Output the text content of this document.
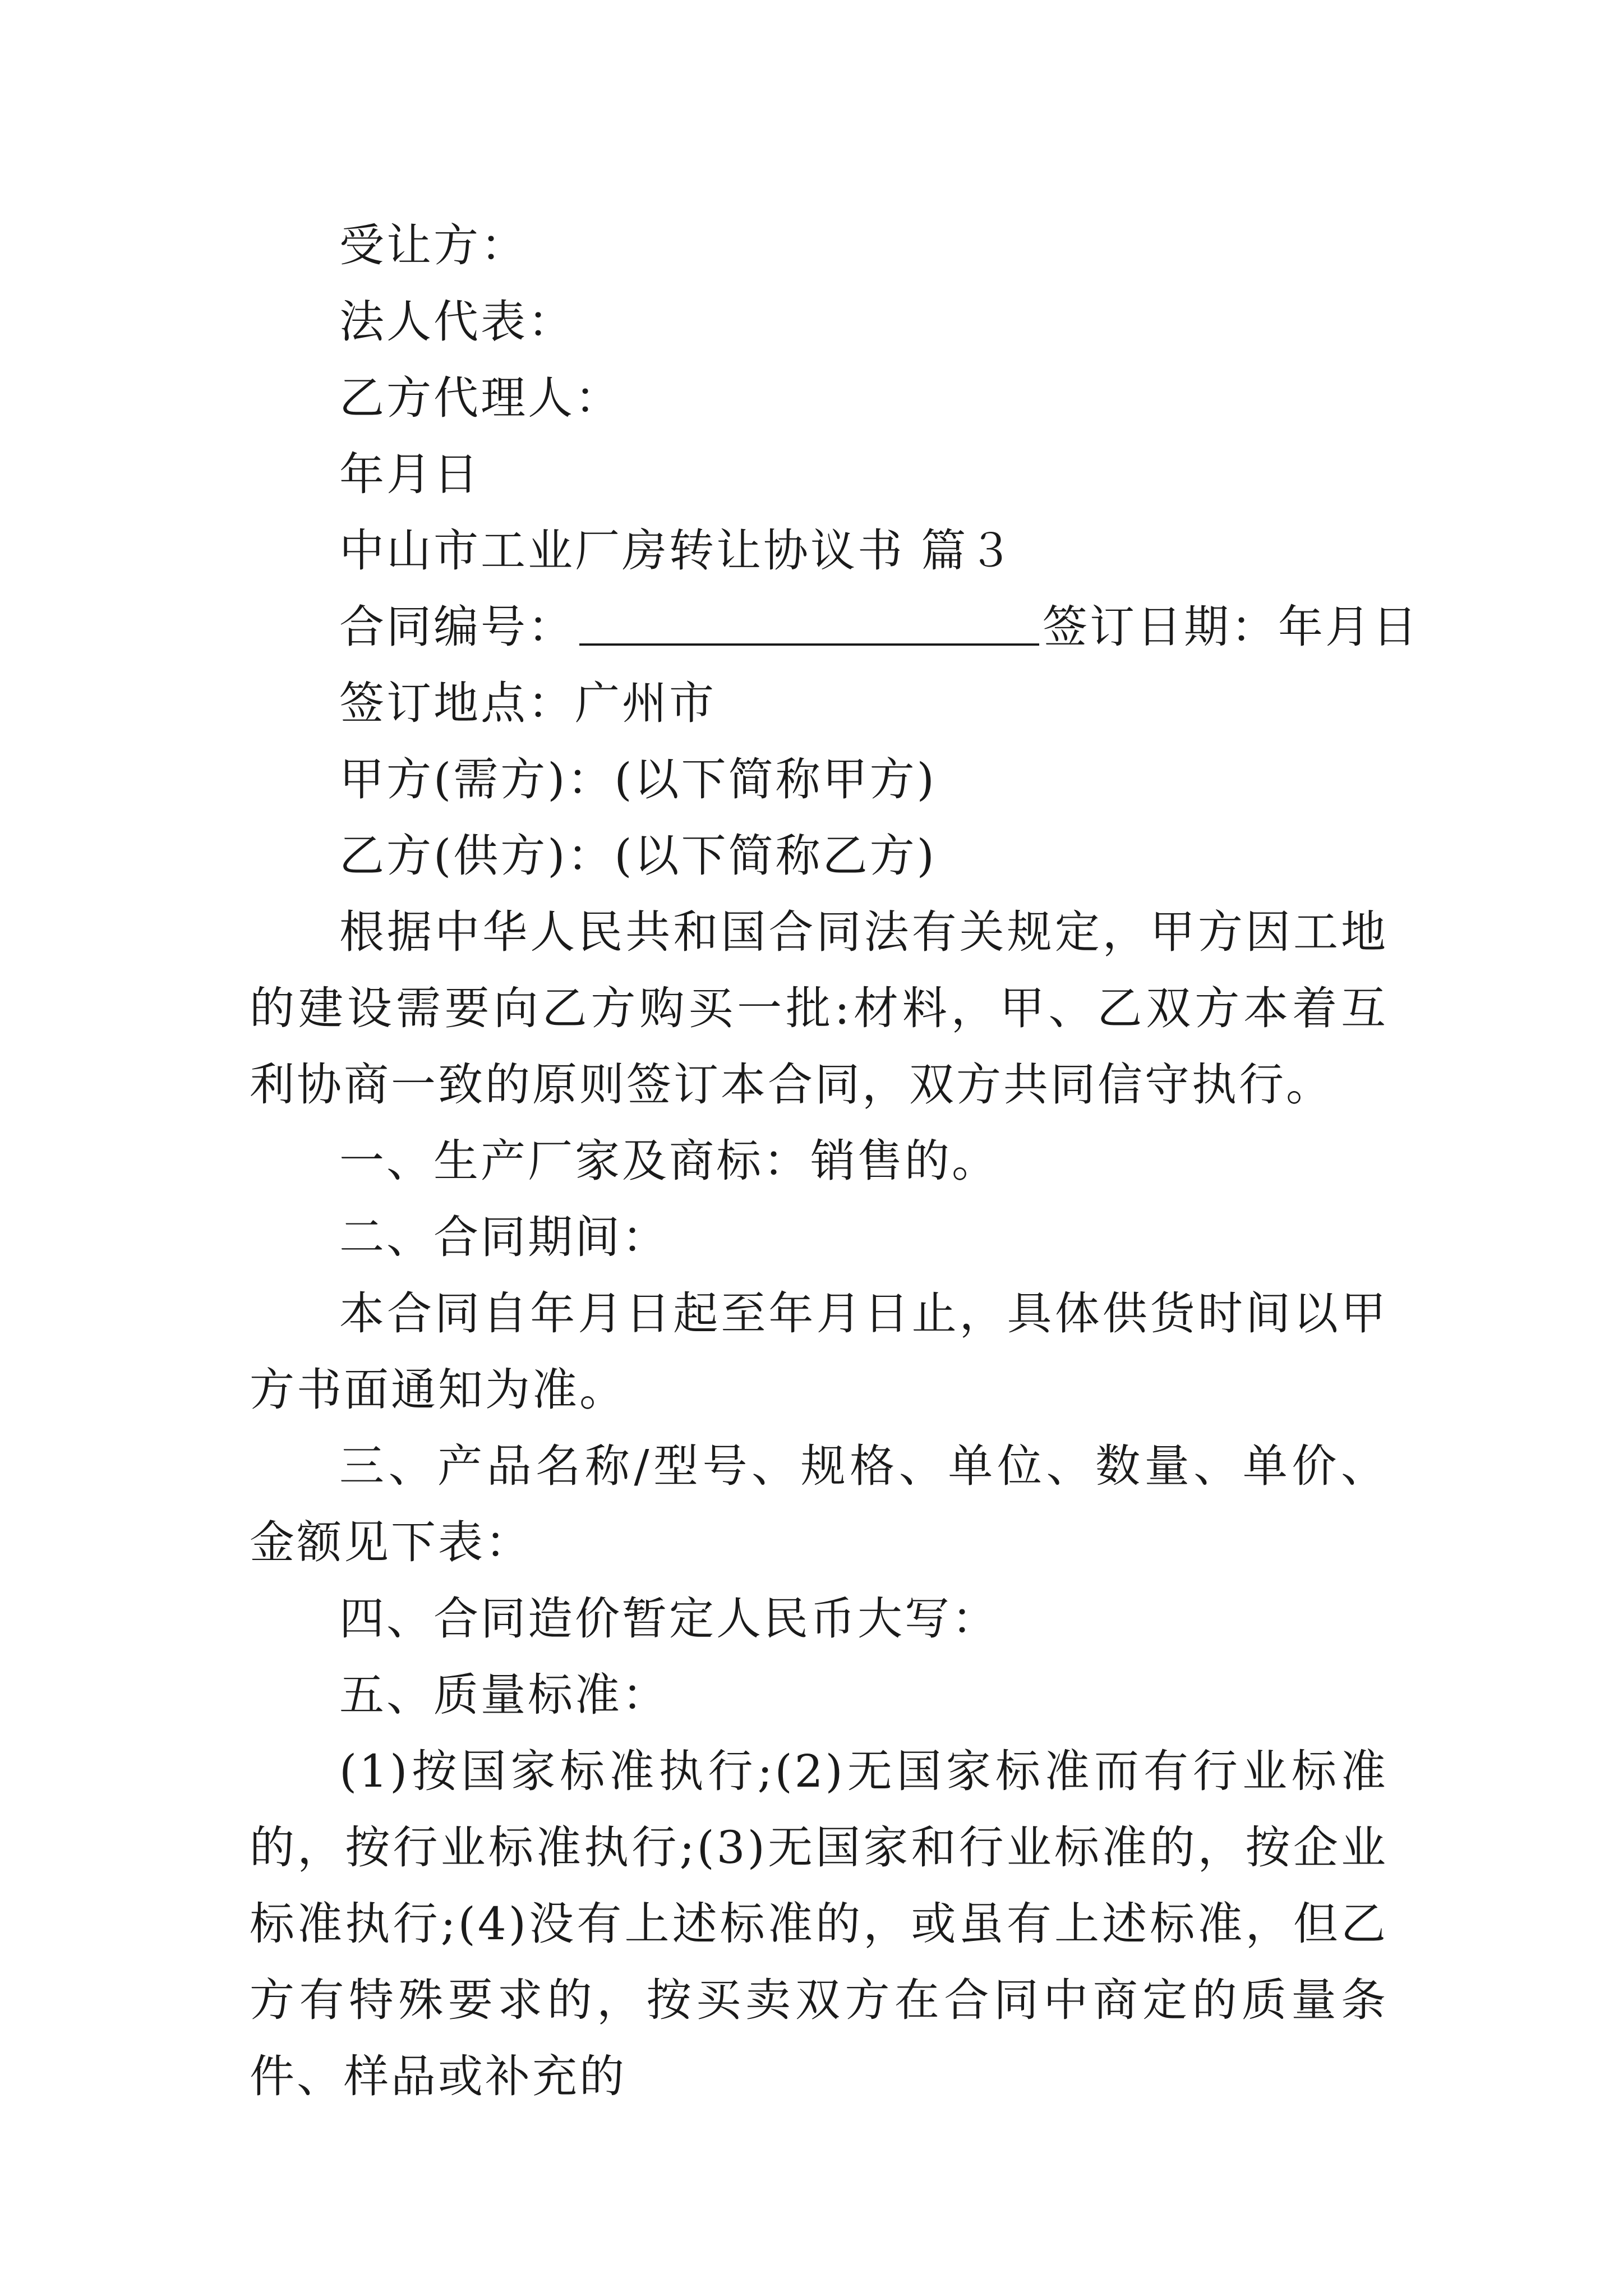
受让方：
法人代表：
乙方代理人：
年月日
中山市工业厂房转让协议书 篇３
合同编号：	签订日期：年月日
签订地点：广州市
甲方(需方)：(以下简称甲方)
乙方(供方)：(以下简称乙方)
根据中华人民共和国合同法有关规定，甲方因工地的建设需要向乙方购买一批:材料，甲、乙双方本着互利协商一致的原则签订本合同，双方共同信守执行。
一、生产厂家及商标：销售的。
二、合同期间：
本合同自年月日起至年月日止，具体供货时间以甲方书面通知为准。
三、产品名称/型号、规格、单位、数量、单价、金额见下表：
四、合同造价暂定人民币大写：
五、质量标准：
(1)按国家标准执行;(2)无国家标准而有行业标准的，按行业标准执行;(3)无国家和行业标准的，按企业标准执行;(4)没有上述标准的，或虽有上述标准，但乙方有特殊要求的，按买卖双方在合同中商定的质量条件、样品或补充的
